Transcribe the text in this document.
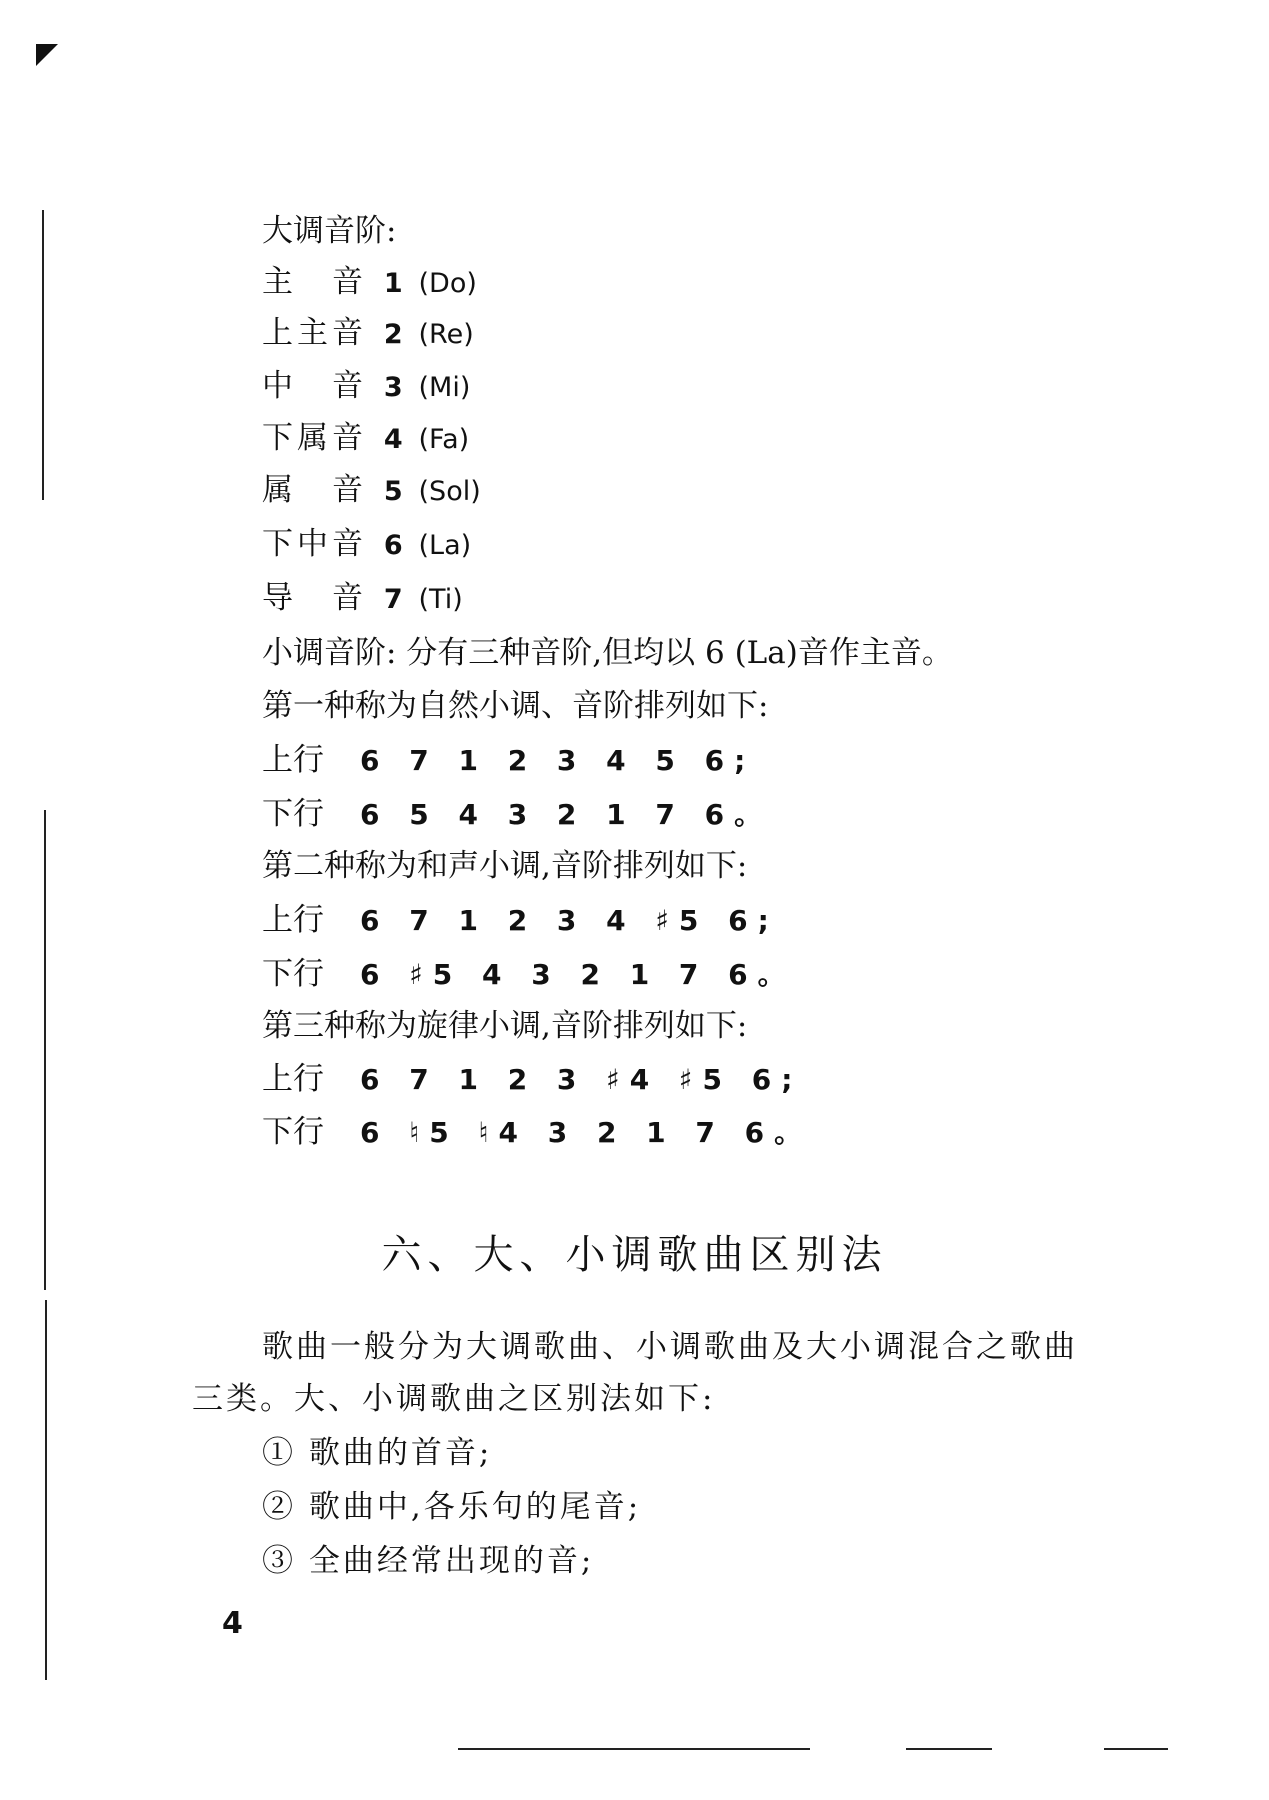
大调音阶:
主　音 1 (Do)
上主音 2 (Re)
中　音 3 (Mi)
下属音 4 (Fa)
属　音 5 (Sol)
下中音 6 (La)
导　音 7 (Ti)
小调音阶: 分有三种音阶,但均以 6 (La)音作主音。
第一种称为自然小调、音阶排列如下:
上行 6 7 1 2 3 4 5 6;
下行 6 5 4 3 2 1 7 6。
第二种称为和声小调,音阶排列如下:
上行 6 7 1 2 3 4 ♯5 6;
下行 6 ♯5 4 3 2 1 7 6。
第三种称为旋律小调,音阶排列如下:
上行 6 7 1 2 3 ♯4 ♯5 6;
下行 6 ♮5 ♮4 3 2 1 7 6。
六、大、小调歌曲区别法
歌曲一般分为大调歌曲、小调歌曲及大小调混合之歌曲
三类。大、小调歌曲之区别法如下:
① 歌曲的首音;
② 歌曲中,各乐句的尾音;
③ 全曲经常出现的音;
4
